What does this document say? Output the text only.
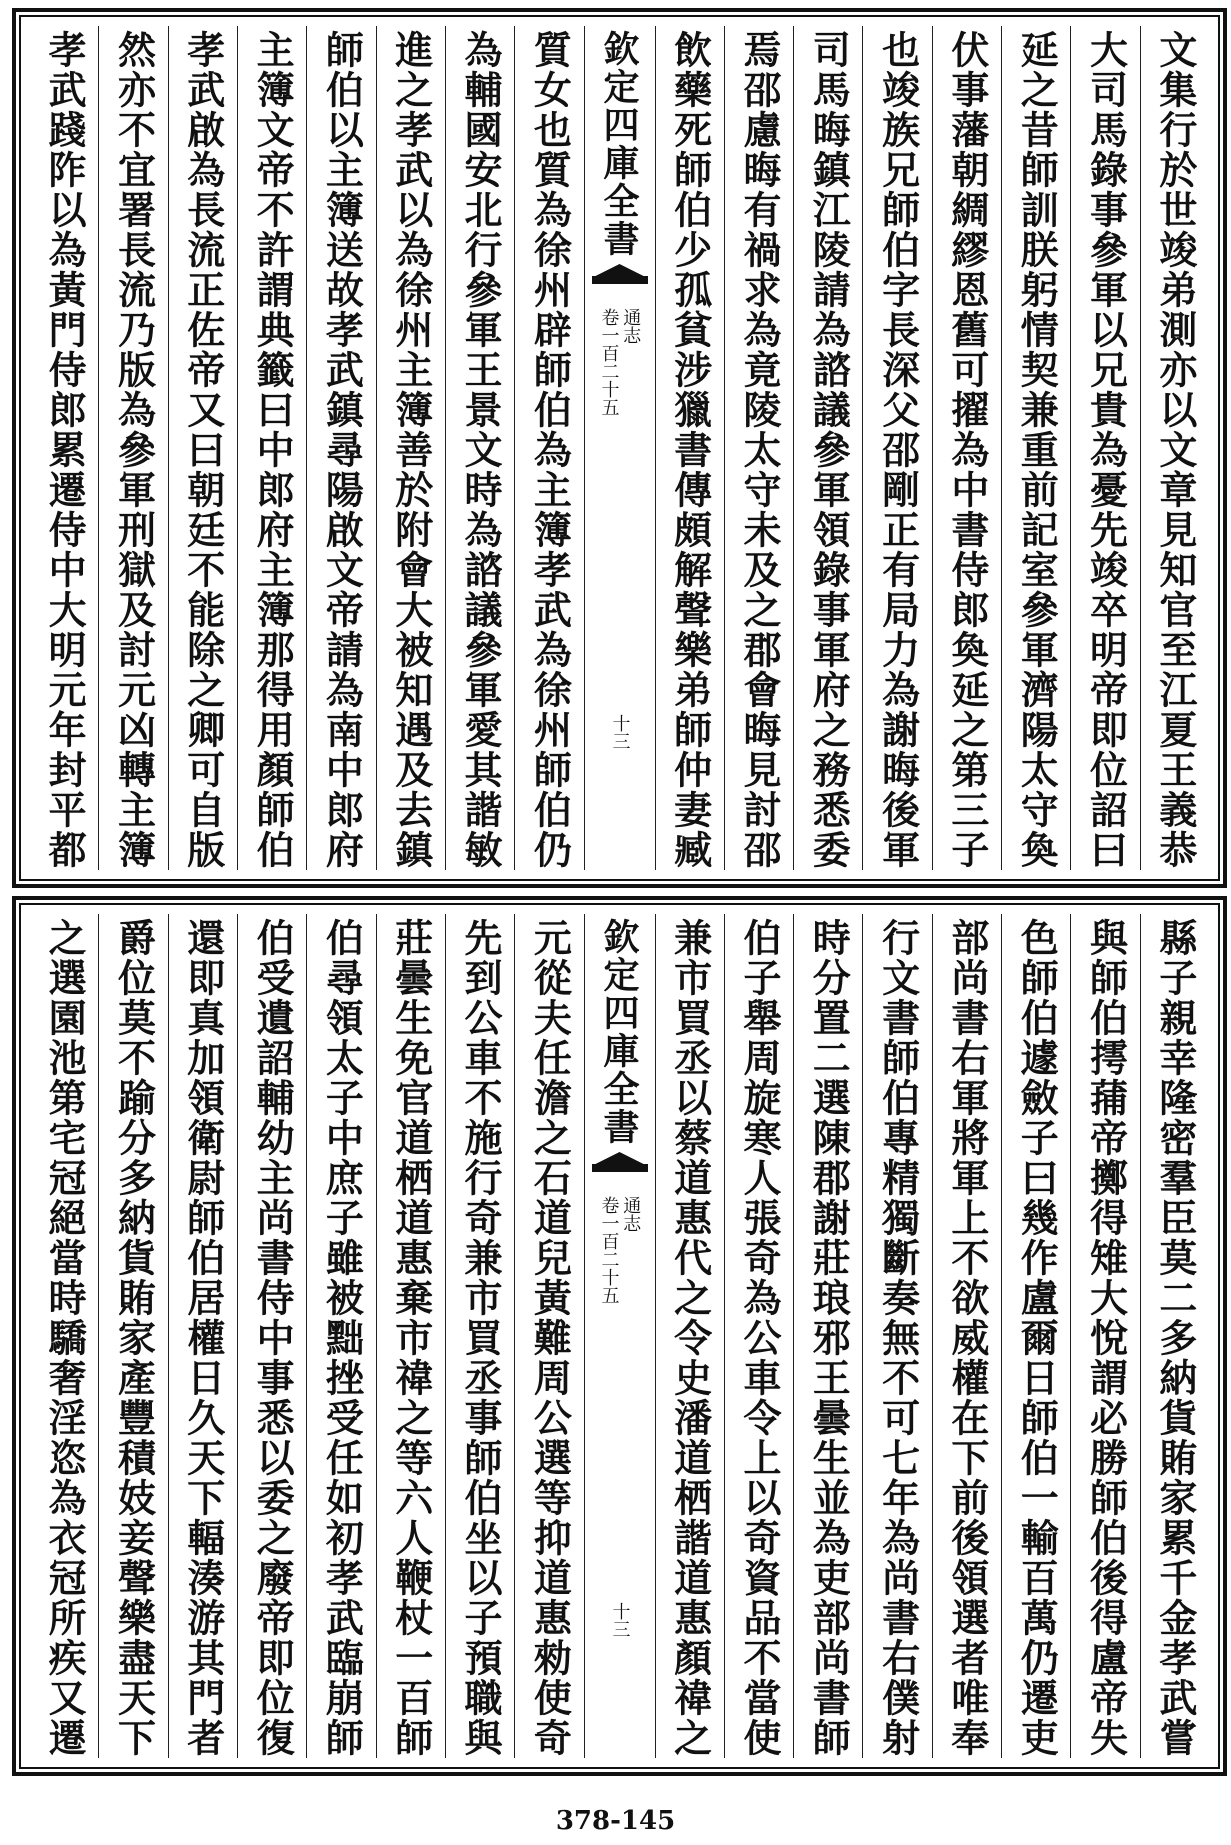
文集行於世竣弟測亦以文章見知官至江夏王義恭
大司馬錄事參軍以兄貴為憂先竣卒明帝即位詔曰
延之昔師訓朕躬情契兼重前記室參軍濟陽太守奐
伏事藩朝綢繆恩舊可擢為中書侍郎奐延之第三子
也竣族兄師伯字長深父邵剛正有局力為謝晦後軍
司馬晦鎮江陵請為諮議參軍領錄事軍府之務悉委
焉邵慮晦有禍求為竟陵太守未及之郡會晦見討邵
飲藥死師伯少孤貧涉獵書傳頗解聲樂弟師仲妻臧
欽定四庫全書
通志
卷一百二十五
十三
質女也質為徐州辟師伯為主簿孝武為徐州師伯仍
為輔國安北行參軍王景文時為諮議參軍愛其諧敏
進之孝武以為徐州主簿善於附會大被知遇及去鎮
師伯以主簿送故孝武鎮尋陽啟文帝請為南中郎府
主簿文帝不許謂典籤曰中郎府主簿那得用顏師伯
孝武啟為長流正佐帝又曰朝廷不能除之卿可自版
然亦不宜署長流乃版為參軍刑獄及討元凶轉主簿
孝武踐阼以為黃門侍郎累遷侍中大明元年封平都
縣子親幸隆密羣臣莫二多納貨賄家累千金孝武嘗
與師伯摴蒱帝擲得雉大悅謂必勝師伯後得盧帝失
色師伯遽斂子曰幾作盧爾日師伯一輸百萬仍遷吏
部尚書右軍將軍上不欲威權在下前後領選者唯奉
行文書師伯專精獨斷奏無不可七年為尚書右僕射
時分置二選陳郡謝莊琅邪王曇生並為吏部尚書師
伯子舉周旋寒人張奇為公車令上以奇資品不當使
兼市買丞以蔡道惠代之令史潘道栖諧道惠顏禕之
欽定四庫全書
通志
卷一百二十五
十三
元從夫任澹之石道兒黃難周公選等抑道惠勑使奇
先到公車不施行奇兼市買丞事師伯坐以子預職與
莊曇生免官道栖道惠棄市禕之等六人鞭杖一百師
伯尋領太子中庶子雖被黜挫受任如初孝武臨崩師
伯受遺詔輔幼主尚書侍中事悉以委之廢帝即位復
還即真加領衛尉師伯居權日久天下輻湊游其門者
爵位莫不踰分多納貨賄家產豐積妓妾聲樂盡天下
之選園池第宅冠絕當時驕奢淫恣為衣冠所疾又遷
378-145
